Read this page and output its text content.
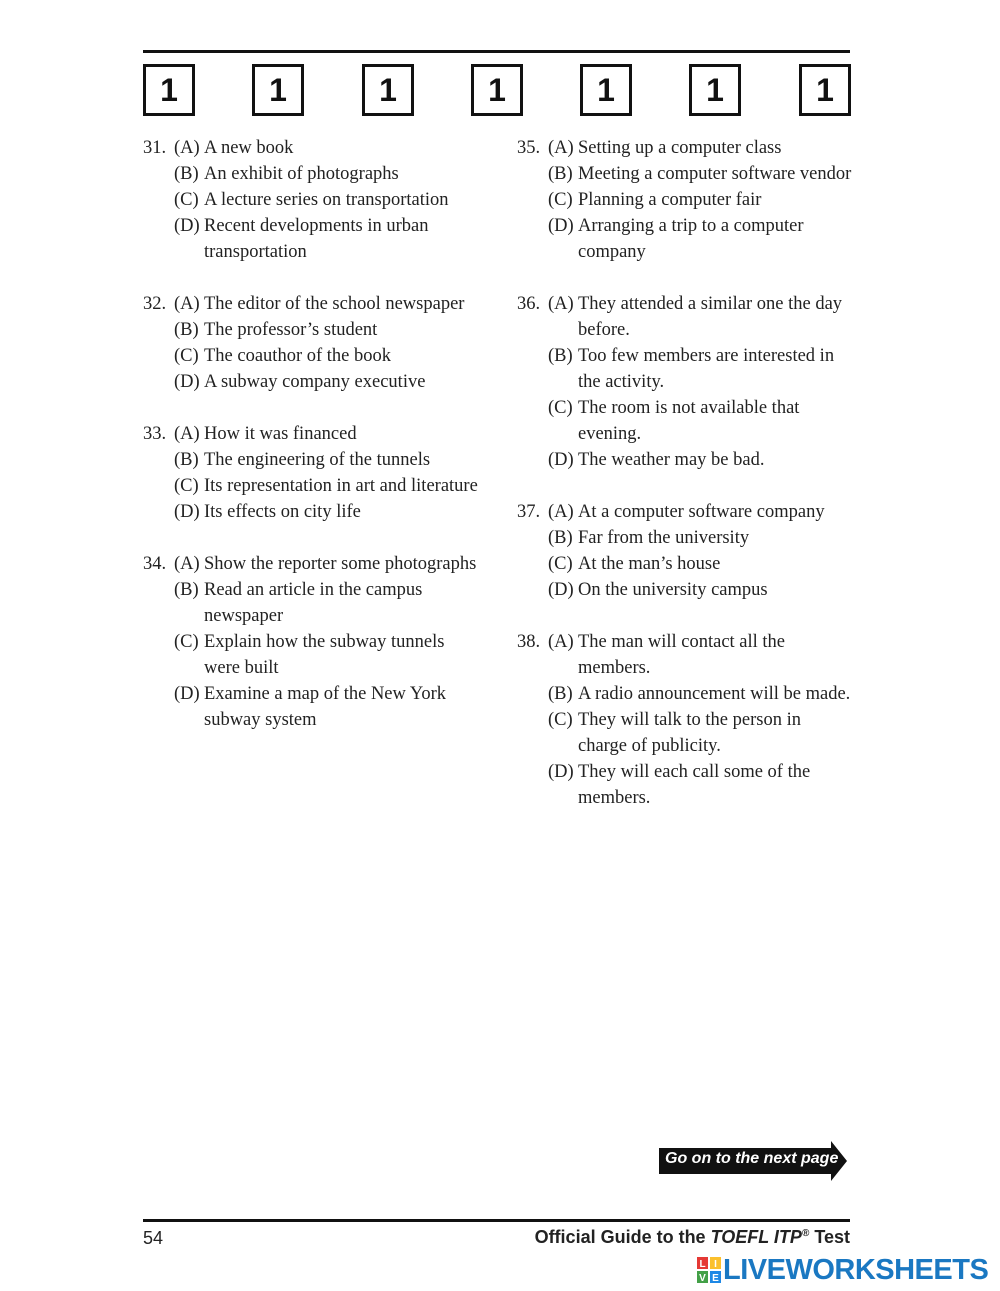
1	1	1	1	1	1	1
31. (A) A new book
(B) An exhibit of photographs
(C) A lecture series on transportation
(D) Recent developments in urban transportation
32. (A) The editor of the school newspaper
(B) The professor’s student
(C) The coauthor of the book
(D) A subway company executive
33. (A) How it was financed
(B) The engineering of the tunnels
(C) Its representation in art and literature
(D) Its effects on city life
34. (A) Show the reporter some photographs
(B) Read an article in the campus newspaper
(C) Explain how the subway tunnels were built
(D) Examine a map of the New York subway system
35. (A) Setting up a computer class
(B) Meeting a computer software vendor
(C) Planning a computer fair
(D) Arranging a trip to a computer company
36. (A) They attended a similar one the day before.
(B) Too few members are interested in the activity.
(C) The room is not available that evening.
(D) The weather may be bad.
37. (A) At a computer software company
(B) Far from the university
(C) At the man’s house
(D) On the university campus
38. (A) The man will contact all the members.
(B) A radio announcement will be made.
(C) They will talk to the person in charge of publicity.
(D) They will each call some of the members.
Go on to the next page
54	Official Guide to the TOEFL ITP® Test
L I
V E LIVEWORKSHEETS
